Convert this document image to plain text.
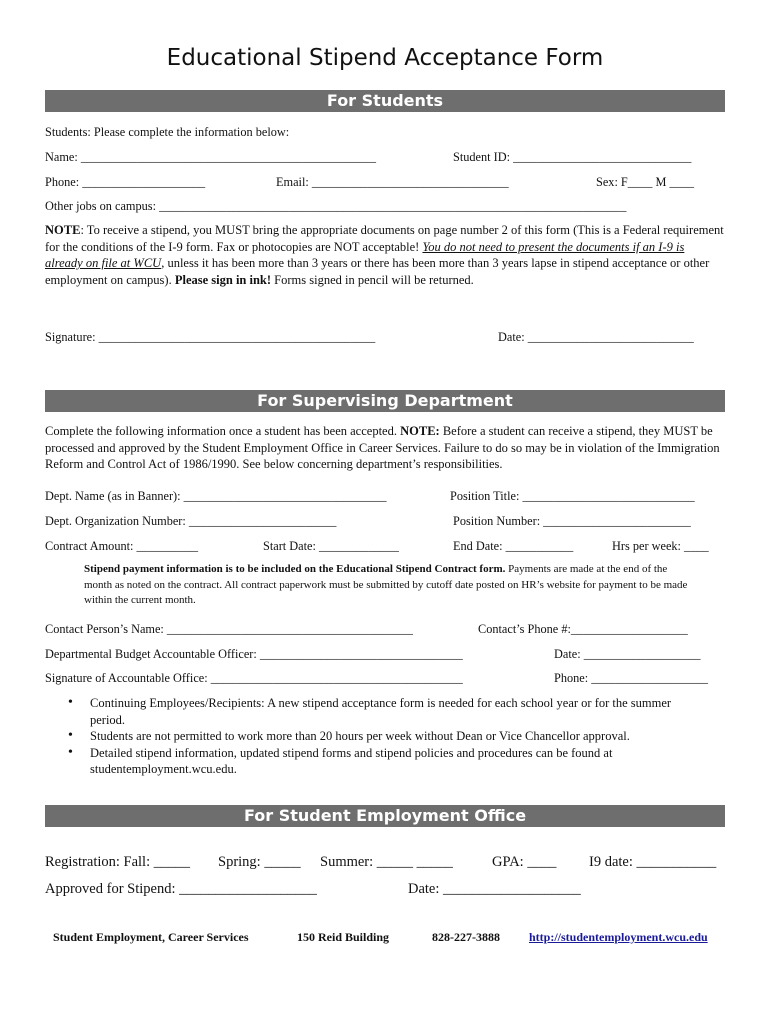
Educational Stipend Acceptance Form
For Students
Students: Please complete the information below:
Name: ________________________________________________	Student ID: _____________________________
Phone: ____________________	Email: ________________________________	Sex: F____ M ____
Other jobs on campus: ____________________________________________________________________________
NOTE: To receive a stipend, you MUST bring the appropriate documents on page number 2 of this form (This is a Federal requirement for the conditions of the I-9 form. Fax or photocopies are NOT acceptable! You do not need to present the documents if an I-9 is already on file at WCU, unless it has been more than 3 years or there has been more than 3 years lapse in stipend acceptance or other employment on campus). Please sign in ink! Forms signed in pencil will be returned.
Signature: _____________________________________________	Date: ___________________________
For Supervising Department
Complete the following information once a student has been accepted. NOTE: Before a student can receive a stipend, they MUST be processed and approved by the Student Employment Office in Career Services. Failure to do so may be in violation of the Immigration Reform and Control Act of 1986/1990. See below concerning department’s responsibilities.
Dept. Name (as in Banner): _________________________________	Position Title: ____________________________
Dept. Organization Number: ________________________	Position Number: ________________________
Contract Amount: __________	Start Date: _____________	End Date: ___________	Hrs per week: ____
Stipend payment information is to be included on the Educational Stipend Contract form. Payments are made at the end of the month as noted on the contract. All contract paperwork must be submitted by cutoff date posted on HR’s website for payment to be made within the current month.
Contact Person’s Name: ________________________________________	Contact’s Phone #:___________________
Departmental Budget Accountable Officer: _________________________________	Date: ___________________
Signature of Accountable Office: _________________________________________	Phone: ___________________
• Continuing Employees/Recipients: A new stipend acceptance form is needed for each school year or for the summer period.
• Students are not permitted to work more than 20 hours per week without Dean or Vice Chancellor approval.
• Detailed stipend information, updated stipend forms and stipend policies and procedures can be found at studentemployment.wcu.edu.
For Student Employment Office
Registration: Fall: _____ Spring: _____ Summer: _____ _____	GPA: ____ I9 date: ___________
Approved for Stipend: ___________________	Date: ___________________
Student Employment, Career Services	150 Reid Building	828-227-3888 http://studentemployment.wcu.edu
